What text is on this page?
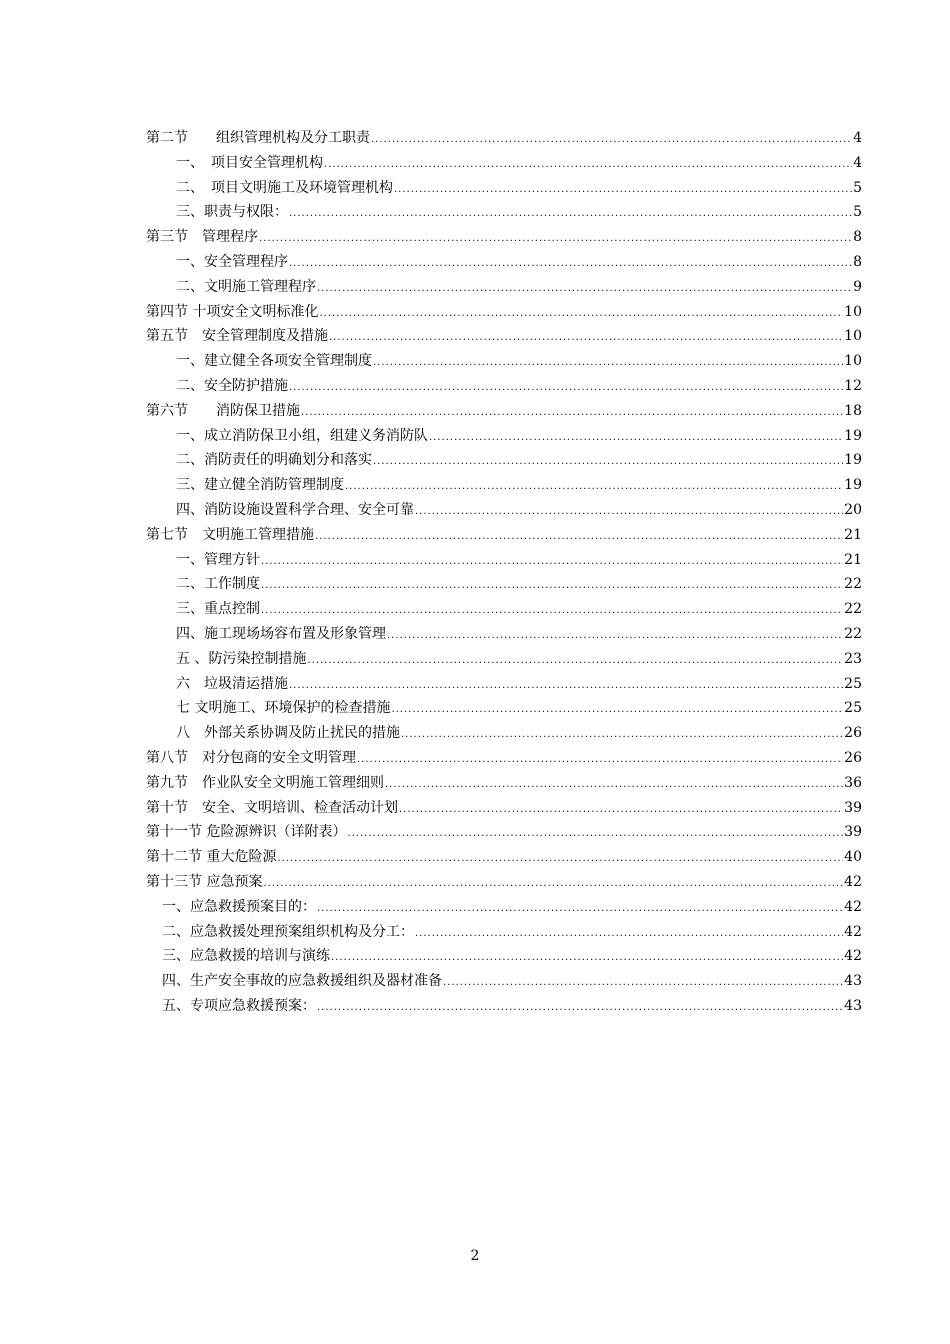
第二节　　组织管理机构及分工职责 .....	4
一、　项目安全管理机构 .....	4
二、　项目文明施工及环境管理机构 .....	5
三、职责与权限： .....	5
第三节　管理程序 .....	8
一、安全管理程序 .....	8
二、文明施工管理程序 .....	9
第四节 十项安全文明标准化 .....	10
第五节　安全管理制度及措施 .....	10
一、建立健全各项安全管理制度 .....	10
二、安全防护措施 .....	12
第六节　　消防保卫措施 .....	18
一、成立消防保卫小组，组建义务消防队 .....	19
二、消防责任的明确划分和落实 .....	19
三、建立健全消防管理制度 .....	19
四、消防设施设置科学合理、安全可靠 .....	20
第七节　文明施工管理措施 .....	21
一、管理方针 .....	21
二、工作制度 .....	22
三、重点控制 .....	22
四、施工现场场容布置及形象管理 .....	22
五 、防污染控制措施 .....	23
六　垃圾清运措施 .....	25
七 文明施工、环境保护的检查措施 .....	25
八　外部关系协调及防止扰民的措施 .....	26
第八节　对分包商的安全文明管理 .....	26
第九节　作业队安全文明施工管理细则 .....	36
第十节　安全、文明培训、检查活动计划 .....	39
第十一节 危险源辨识（详附表） .....	39
第十二节 重大危险源 .....	40
第十三节 应急预案 .....	42
一、应急救援预案目的： .....	42
二、应急救援处理预案组织机构及分工： .....	42
三、应急救援的培训与演练 .....	42
四、生产安全事故的应急救援组织及器材准备 .....	43
五、专项应急救援预案： .....	43
2
